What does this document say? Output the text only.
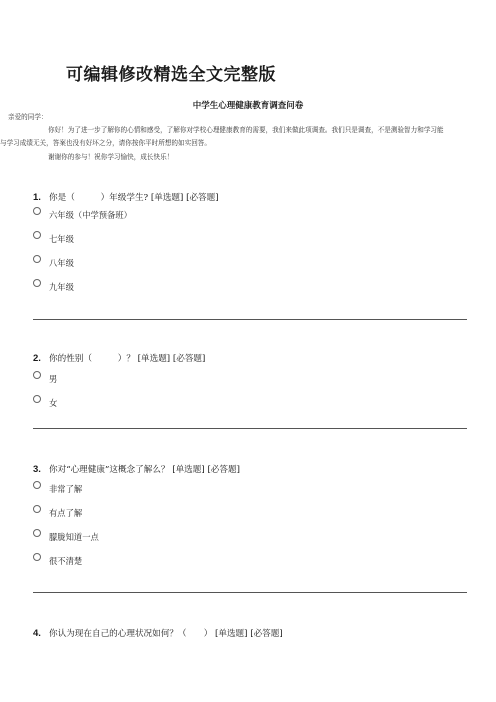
可编辑修改精选全文完整版
中学生心理健康教育调查问卷
亲爱的同学：
你好！为了进一步了解你的心情和感受，了解你对学校心理健康教育的需要，我们来做此项调查。我们只是调查，不是测验智力和学习能
与学习成绩无关，答案也没有好坏之分，请你按你平时所想的如实回答。
谢谢你的参与！祝你学习愉快，成长快乐！
1. 你是（　　　）年级学生? [单选题] [必答题]
六年级（中学预备班）
七年级
八年级
九年级
2. 你的性别（　　　）？ [单选题] [必答题]
男
女
3. 你对“心理健康”这概念了解么？ [单选题] [必答题]
非常了解
有点了解
朦胧知道一点
很不清楚
4. 你认为现在自己的心理状况如何？（　　） [单选题] [必答题]
